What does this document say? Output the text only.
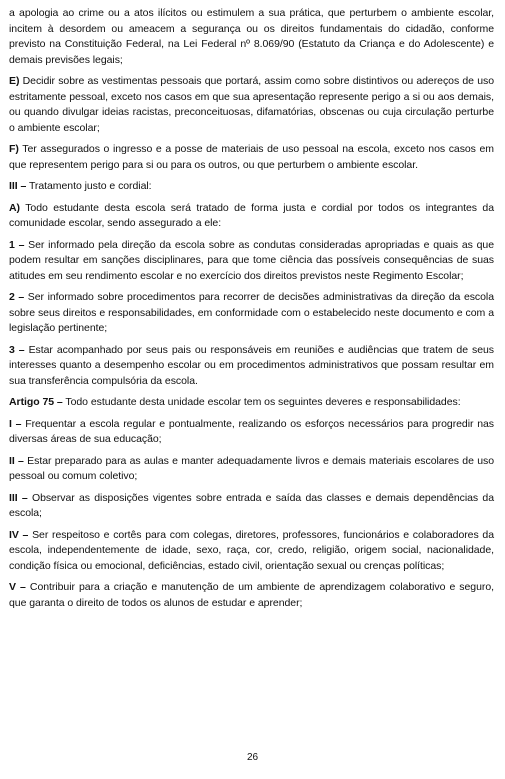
a apologia ao crime ou a atos ilícitos ou estimulem a sua prática, que perturbem o ambiente escolar, incitem à desordem ou ameacem a segurança ou os direitos fundamentais do cidadão, conforme previsto na Constituição Federal, na Lei Federal nº 8.069/90 (Estatuto da Criança e do Adolescente) e demais previsões legais;

E) Decidir sobre as vestimentas pessoais que portará, assim como sobre distintivos ou adereços de uso estritamente pessoal, exceto nos casos em que sua apresentação represente perigo a si ou aos demais, ou quando divulgar ideias racistas, preconceituosas, difamatórias, obscenas ou cuja circulação perturbe o ambiente escolar;

F) Ter assegurados o ingresso e a posse de materiais de uso pessoal na escola, exceto nos casos em que representem perigo para si ou para os outros, ou que perturbem o ambiente escolar.

III – Tratamento justo e cordial:

A) Todo estudante desta escola será tratado de forma justa e cordial por todos os integrantes da comunidade escolar, sendo assegurado a ele:

1 – Ser informado pela direção da escola sobre as condutas consideradas apropriadas e quais as que podem resultar em sanções disciplinares, para que tome ciência das possíveis consequências de suas atitudes em seu rendimento escolar e no exercício dos direitos previstos neste Regimento Escolar;

2 – Ser informado sobre procedimentos para recorrer de decisões administrativas da direção da escola sobre seus direitos e responsabilidades, em conformidade com o estabelecido neste documento e com a legislação pertinente;

3 – Estar acompanhado por seus pais ou responsáveis em reuniões e audiências que tratem de seus interesses quanto a desempenho escolar ou em procedimentos administrativos que possam resultar em sua transferência compulsória da escola.

Artigo 75 – Todo estudante desta unidade escolar tem os seguintes deveres e responsabilidades:

I – Frequentar a escola regular e pontualmente, realizando os esforços necessários para progredir nas diversas áreas de sua educação;

II – Estar preparado para as aulas e manter adequadamente livros e demais materiais escolares de uso pessoal ou comum coletivo;

III – Observar as disposições vigentes sobre entrada e saída das classes e demais dependências da escola;

IV – Ser respeitoso e cortês para com colegas, diretores, professores, funcionários e colaboradores da escola, independentemente de idade, sexo, raça, cor, credo, religião, origem social, nacionalidade, condição física ou emocional, deficiências, estado civil, orientação sexual ou crenças políticas;

V – Contribuir para a criação e manutenção de um ambiente de aprendizagem colaborativo e seguro, que garanta o direito de todos os alunos de estudar e aprender;

26
